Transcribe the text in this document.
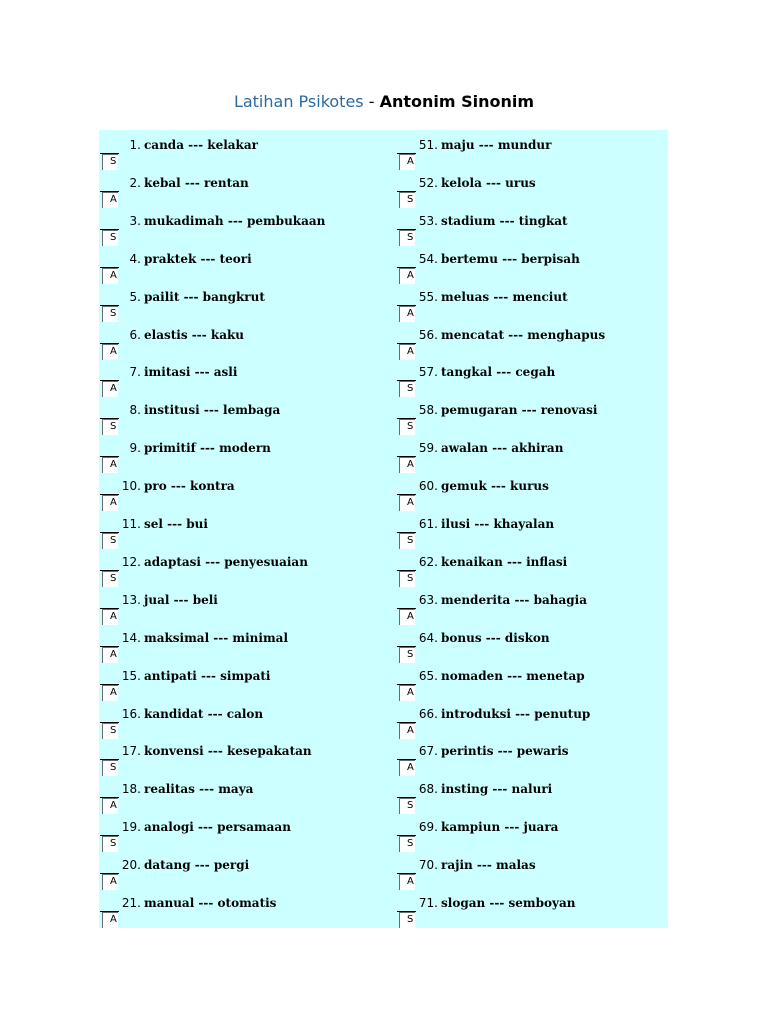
Latihan Psikotes - Antonim Sinonim
1. canda --- kelakar
S
2. kebal --- rentan
A
3. mukadimah --- pembukaan
S
4. praktek --- teori
A
5. pailit --- bangkrut
S
6. elastis --- kaku
A
7. imitasi --- asli
A
8. institusi --- lembaga
S
9. primitif --- modern
A
10. pro --- kontra
A
11. sel --- bui
S
12. adaptasi --- penyesuaian
S
13. jual --- beli
A
14. maksimal --- minimal
A
15. antipati --- simpati
A
16. kandidat --- calon
S
17. konvensi --- kesepakatan
S
18. realitas --- maya
A
19. analogi --- persamaan
S
20. datang --- pergi
A
21. manual --- otomatis
A
51. maju --- mundur
A
52. kelola --- urus
S
53. stadium --- tingkat
S
54. bertemu --- berpisah
A
55. meluas --- menciut
A
56. mencatat --- menghapus
A
57. tangkal --- cegah
S
58. pemugaran --- renovasi
S
59. awalan --- akhiran
A
60. gemuk --- kurus
A
61. ilusi --- khayalan
S
62. kenaikan --- inflasi
S
63. menderita --- bahagia
A
64. bonus --- diskon
S
65. nomaden --- menetap
A
66. introduksi --- penutup
A
67. perintis --- pewaris
A
68. insting --- naluri
S
69. kampiun --- juara
S
70. rajin --- malas
A
71. slogan --- semboyan
S
